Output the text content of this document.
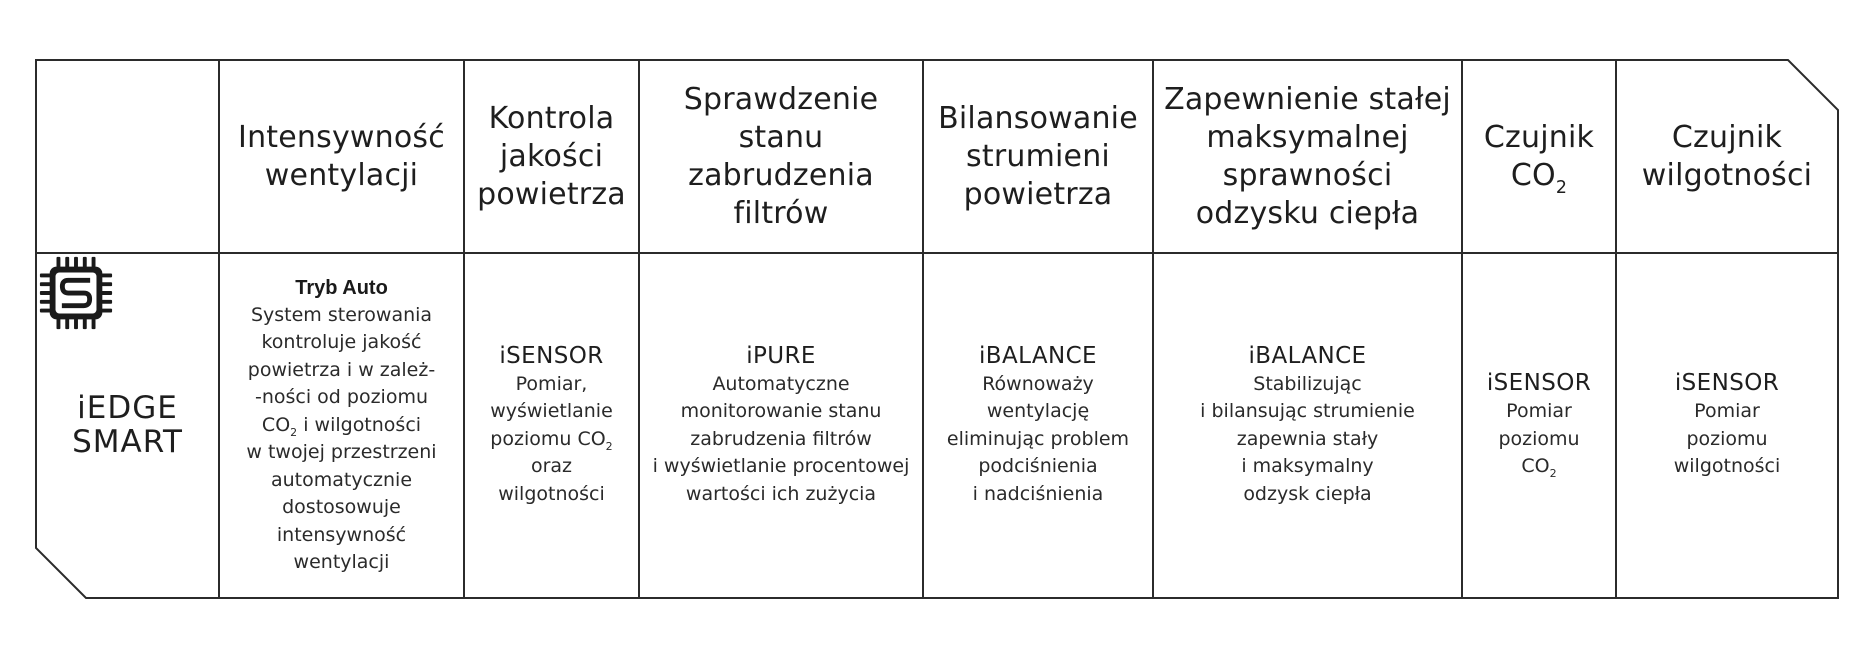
iEDGE
SMART
Intensywność
wentylacji
Tryb Auto
System sterowania
kontroluje jakość
powietrza i w zależ-
-ności od poziomu
$CO_2$ i wilgotności
w twojej przestrzeni
automatycznie
dostosowuje
intensywność
wentylacji
Kontrola
jakości
powietrza
iSENSOR
Pomiar,
wyświetlanie
poziomu $CO_2$
oraz
wilgotności
Sprawdzenie
stanu
zabrudzenia
filtrów
iPURE
Automatyczne
monitorowanie stanu
zabrudzenia filtrów
i wyświetlanie procentowej
wartości ich zużycia
Bilansowanie
strumieni
powietrza
iBALANCE
Równoważy
wentylację
eliminując problem
podciśnienia
i nadciśnienia
Zapewnienie stałej
maksymalnej
sprawności
odzysku ciepła
iBALANCE
Stabilizując
i bilansując strumienie
zapewnia stały
i maksymalny
odzysk ciepła
Czujnik
$CO_2$
iSENSOR
Pomiar
poziomu
$CO_2$
Czujnik
wilgotności
iSENSOR
Pomiar
poziomu
wilgotności
